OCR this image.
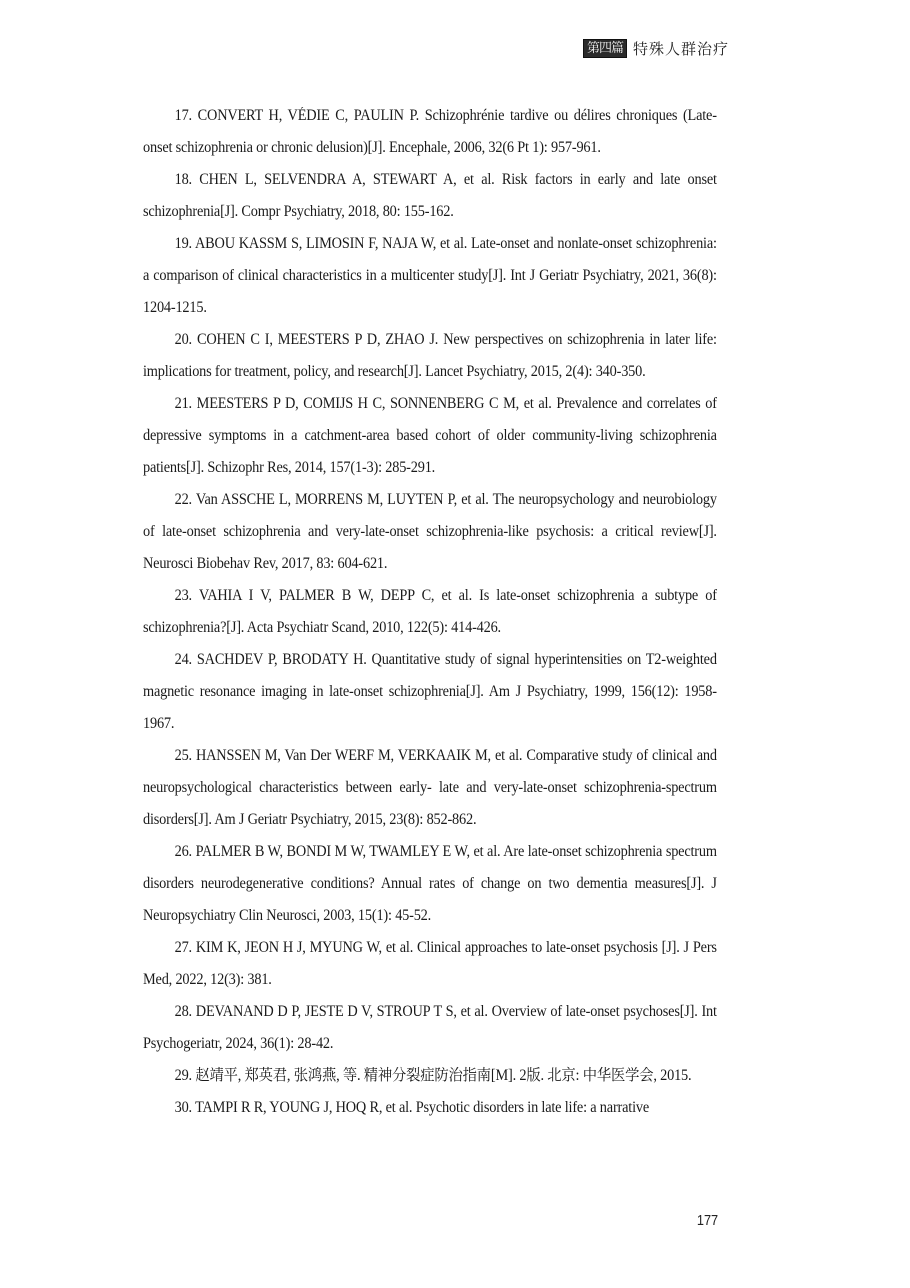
第四篇 特殊人群治疗
17. CONVERT H, VÉDIE C, PAULIN P. Schizophrénie tardive ou délires chroniques (Late-onset schizophrenia or chronic delusion)[J]. Encephale, 2006, 32(6 Pt 1): 957-961.
18. CHEN L, SELVENDRA A, STEWART A, et al. Risk factors in early and late onset schizophrenia[J]. Compr Psychiatry, 2018, 80: 155-162.
19. ABOU KASSM S, LIMOSIN F, NAJA W, et al. Late-onset and nonlate-onset schizophrenia: a comparison of clinical characteristics in a multicenter study[J]. Int J Geriatr Psychiatry, 2021, 36(8): 1204-1215.
20. COHEN C I, MEESTERS P D, ZHAO J. New perspectives on schizophrenia in later life: implications for treatment, policy, and research[J]. Lancet Psychiatry, 2015, 2(4): 340-350.
21. MEESTERS P D, COMIJS H C, SONNENBERG C M, et al. Prevalence and correlates of depressive symptoms in a catchment-area based cohort of older community-living schizophrenia patients[J]. Schizophr Res, 2014, 157(1-3): 285-291.
22. Van ASSCHE L, MORRENS M, LUYTEN P, et al. The neuropsychology and neurobiology of late-onset schizophrenia and very-late-onset schizophrenia-like psychosis: a critical review[J]. Neurosci Biobehav Rev, 2017, 83: 604-621.
23. VAHIA I V, PALMER B W, DEPP C, et al. Is late-onset schizophrenia a subtype of schizophrenia?[J]. Acta Psychiatr Scand, 2010, 122(5): 414-426.
24. SACHDEV P, BRODATY H. Quantitative study of signal hyperintensities on T2-weighted magnetic resonance imaging in late-onset schizophrenia[J]. Am J Psychiatry, 1999, 156(12): 1958-1967.
25. HANSSEN M, Van Der WERF M, VERKAAIK M, et al. Comparative study of clinical and neuropsychological characteristics between early- late and very-late-onset schizophrenia-spectrum disorders[J]. Am J Geriatr Psychiatry, 2015, 23(8): 852-862.
26. PALMER B W, BONDI M W, TWAMLEY E W, et al. Are late-onset schizophrenia spectrum disorders neurodegenerative conditions? Annual rates of change on two dementia measures[J]. J Neuropsychiatry Clin Neurosci, 2003, 15(1): 45-52.
27. KIM K, JEON H J, MYUNG W, et al. Clinical approaches to late-onset psychosis [J]. J Pers Med, 2022, 12(3): 381.
28. DEVANAND D P, JESTE D V, STROUP T S, et al. Overview of late-onset psychoses[J]. Int Psychogeriatr, 2024, 36(1): 28-42.
29. 赵靖平, 郑英君, 张鸿燕, 等. 精神分裂症防治指南[M]. 2版. 北京: 中华医学会, 2015.
30. TAMPI R R, YOUNG J, HOQ R, et al. Psychotic disorders in late life: a narrative
177
